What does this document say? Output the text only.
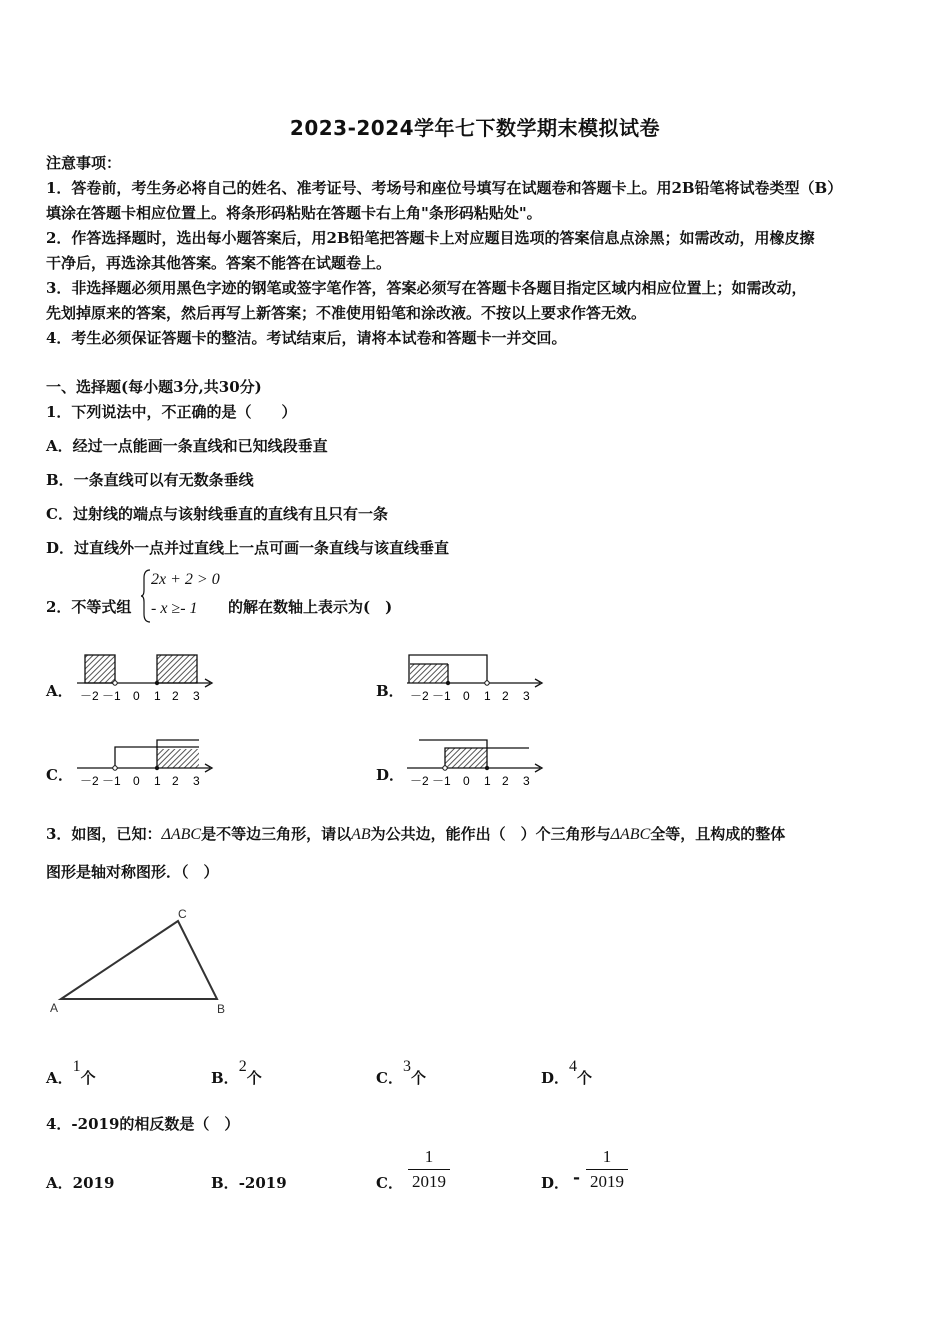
2023-2024学年七下数学期末模拟试卷
注意事项：
1．答卷前，考生务必将自己的姓名、准考证号、考场号和座位号填写在试题卷和答题卡上。用2B铅笔将试卷类型（B）
填涂在答题卡相应位置上。将条形码粘贴在答题卡右上角"条形码粘贴处"。
2．作答选择题时，选出每小题答案后，用2B铅笔把答题卡上对应题目选项的答案信息点涂黑；如需改动，用橡皮擦
干净后，再选涂其他答案。答案不能答在试题卷上。
3．非选择题必须用黑色字迹的钢笔或签字笔作答，答案必须写在答题卡各题目指定区域内相应位置上；如需改动，
先划掉原来的答案，然后再写上新答案；不准使用铅笔和涂改液。不按以上要求作答无效。
4．考生必须保证答题卡的整洁。考试结束后，请将本试卷和答题卡一并交回。
一、选择题(每小题3分,共30分)
1．下列说法中，不正确的是（　　）
A．经过一点能画一条直线和已知线段垂直
B．一条直线可以有无数条垂线
C．过射线的端点与该射线垂直的直线有且只有一条
D．过直线外一点并过直线上一点可画一条直线与该直线垂直
2．不等式组
2x + 2 > 0
- x ≥- 1 的解在数轴上表示为(　)
A． －2 －1 0 1 2 3	B． －2 －1 0 1 2 3
C． －2 －1 0 1 2 3	D． －2 －1 0 1 2 3
3．如图，已知：ΔABC是不等边三角形，请以AB为公共边，能作出（　）个三角形与ΔABC全等，且构成的整体
图形是轴对称图形．（　）
A	B
C
A．1个	B．2个	C．3个	D．4个
4．-2019的相反数是（　）
A．2019	B．-2019	C．
1
2019	D． -
1
2019
